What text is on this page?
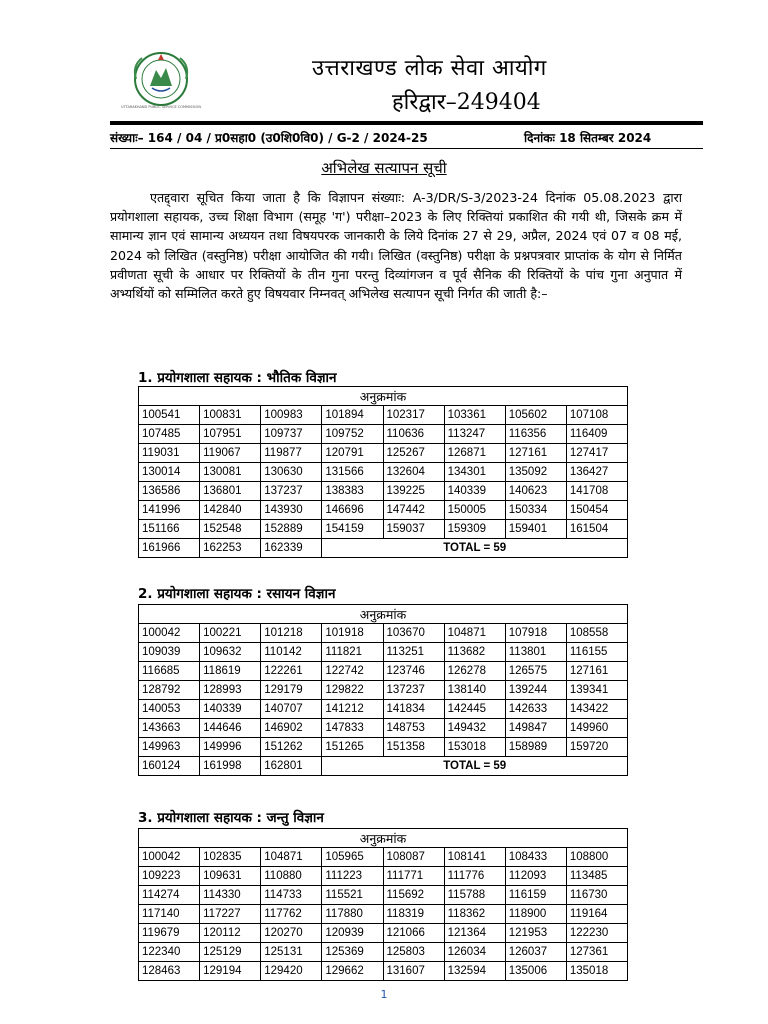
UTTARAKHAND PUBLIC SERVICE COMMISSION
उत्तराखण्ड लोक सेवा आयोग
हरिद्वार–249404
संख्याः– 164 / 04 / प्र0सहा0 (उ0शि0वि0) / G-2 / 2024-25	दिनांकः 18 सितम्बर 2024
अभिलेख सत्यापन सूची

एतद्द्वारा सूचित किया जाता है कि विज्ञापन संख्याः: A-3/DR/S-3/2023-24 दिनांक 05.08.2023 द्वारा प्रयोगशाला सहायक, उच्च शिक्षा विभाग (समूह 'ग') परीक्षा–2023 के लिए रिक्तियां प्रकाशित की गयी थी, जिसके क्रम में सामान्य ज्ञान एवं सामान्य अध्ययन तथा विषयपरक जानकारी के लिये दिनांक 27 से 29, अप्रैल, 2024 एवं 07 व 08 मई, 2024 को लिखित (वस्तुनिष्ठ) परीक्षा आयोजित की गयी। लिखित (वस्तुनिष्ठ) परीक्षा के प्रश्नपत्रवार प्राप्तांक के योग से निर्मित प्रवीणता सूची के आधार पर रिक्तियों के तीन गुना परन्तु दिव्यांगजन व पूर्व सैनिक की रिक्तियों के पांच गुना अनुपात में अभ्यर्थियों को सम्मिलित करते हुए विषयवार निम्नवत् अभिलेख सत्यापन सूची निर्गत की जाती है:–

1. प्रयोगशाला सहायक : भौतिक विज्ञान
अनुक्रमांक							
100541	100831	100983	101894	102317	103361	105602	107108
107485	107951	109737	109752	110636	113247	116356	116409
119031	119067	119877	120791	125267	126871	127161	127417
130014	130081	130630	131566	132604	134301	135092	136427
136586	136801	137237	138383	139225	140339	140623	141708
141996	142840	143930	146696	147442	150005	150334	150454
151166	152548	152889	154159	159037	159309	159401	161504
161966	162253	162339	TOTAL = 59				
2. प्रयोगशाला सहायक : रसायन विज्ञान
अनुक्रमांक							
100042	100221	101218	101918	103670	104871	107918	108558
109039	109632	110142	111821	113251	113682	113801	116155
116685	118619	122261	122742	123746	126278	126575	127161
128792	128993	129179	129822	137237	138140	139244	139341
140053	140339	140707	141212	141834	142445	142633	143422
143663	144646	146902	147833	148753	149432	149847	149960
149963	149996	151262	151265	151358	153018	158989	159720
160124	161998	162801	TOTAL = 59				
3. प्रयोगशाला सहायक : जन्तु विज्ञान
अनुक्रमांक							
100042	102835	104871	105965	108087	108141	108433	108800
109223	109631	110880	111223	111771	111776	112093	113485
114274	114330	114733	115521	115692	115788	116159	116730
117140	117227	117762	117880	118319	118362	118900	119164
119679	120112	120270	120939	121066	121364	121953	122230
122340	125129	125131	125369	125803	126034	126037	127361
128463	129194	129420	129662	131607	132594	135006	135018
1
